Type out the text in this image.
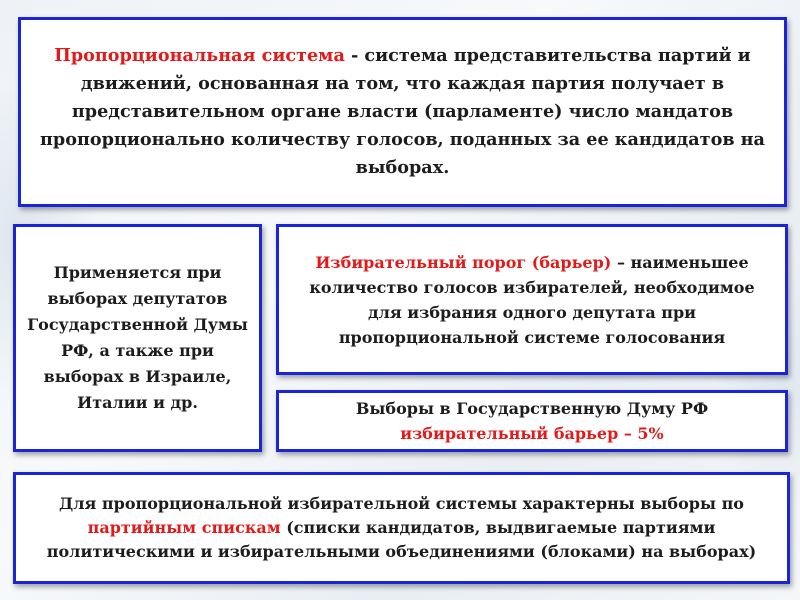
Пропорциональная система - система представительства партий и движений, основанная на том, что каждая партия получает в представительном органе власти (парламенте) число мандатов пропорционально количеству голосов, поданных за ее кандидатов на выборах.

Применяется при выборах депутатов Государственной Думы РФ, а также при выборах в Израиле, Италии и др.

Избирательный порог (барьер) – наименьшее количество голосов избирателей, необходимое для избрания одного депутата при пропорциональной системе голосования

Выборы в Государственную Думу РФ
избирательный барьер – 5%

Для пропорциональной избирательной системы характерны выборы по партийным спискам (списки кандидатов, выдвигаемые партиями политическими и избирательными объединениями (блоками) на выборах)
